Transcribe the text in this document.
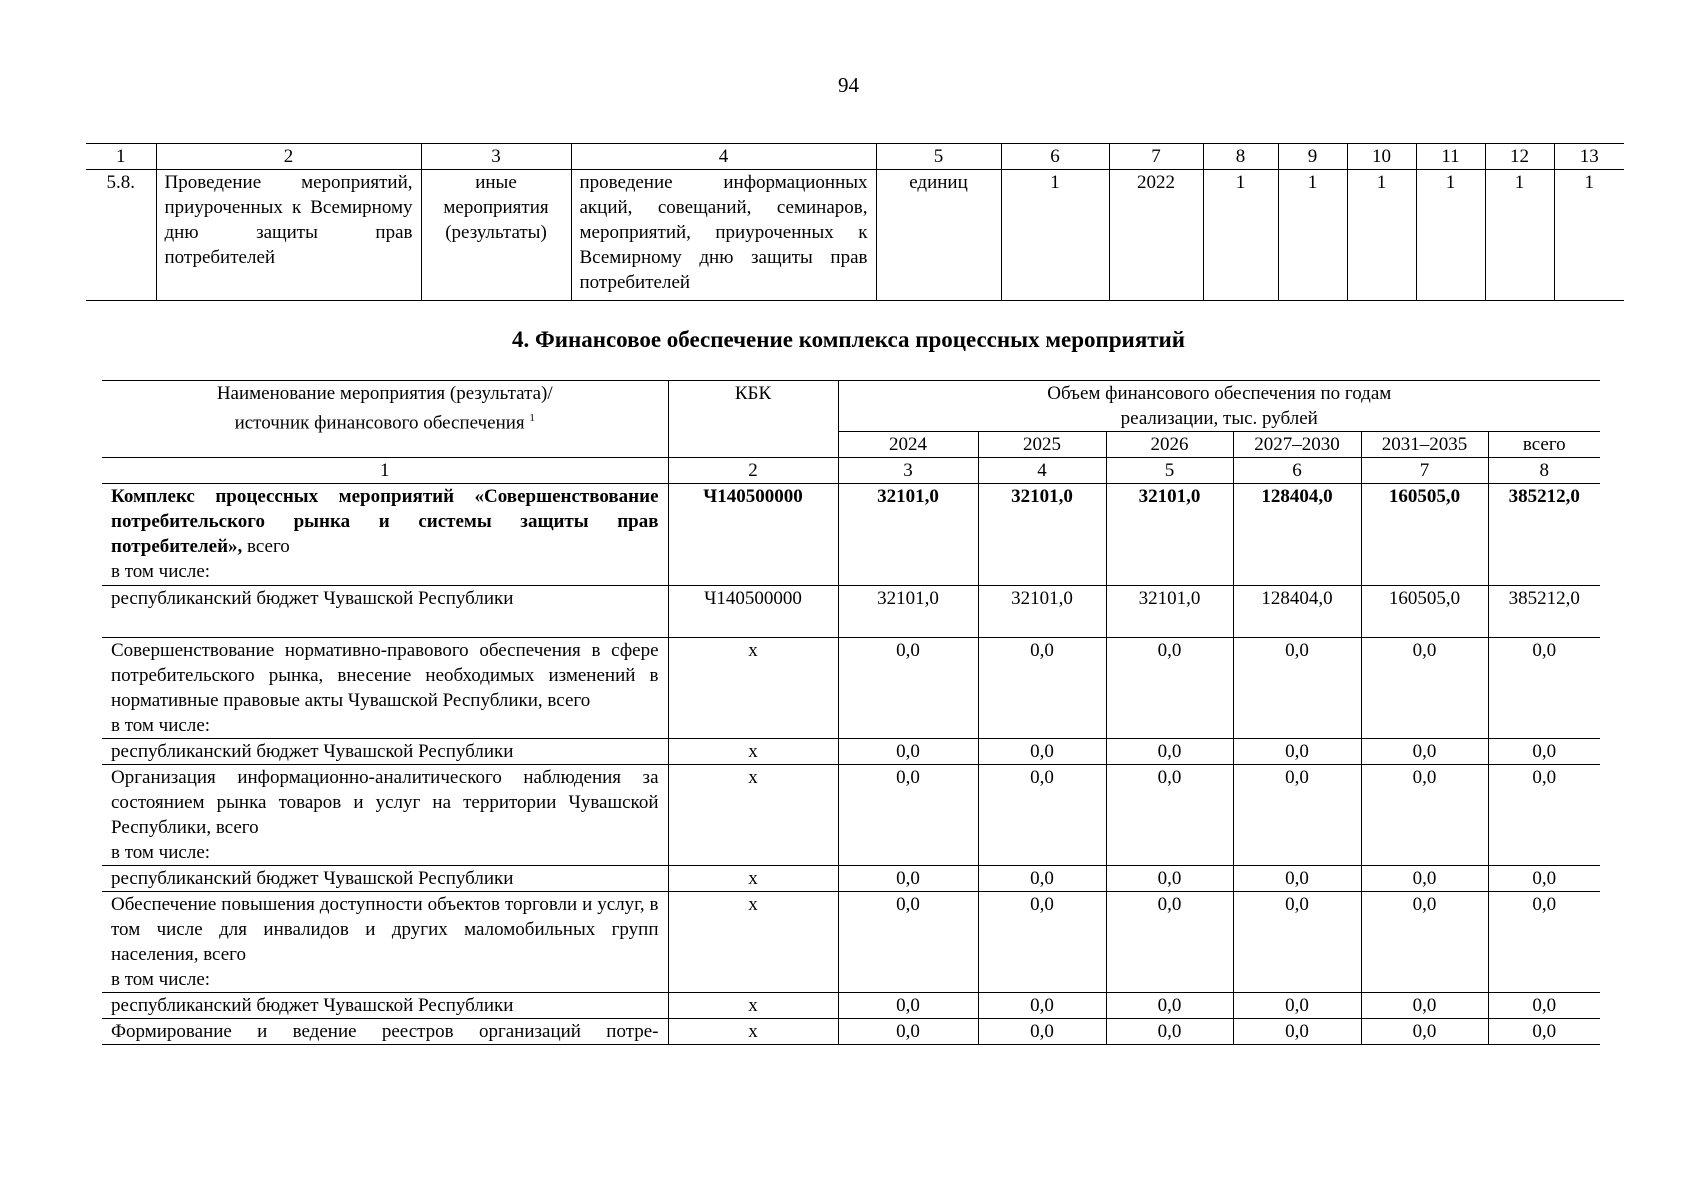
94
1	2	3	4	5	6	7	8	9	10	11	12	13
5.8.	Проведение мероприятий, приуроченных к Всемирному дню защиты прав потребителей	иные мероприятия (результаты)	проведение информационных акций, совещаний, семинаров, мероприятий, приуроченных к Всемирному дню защиты прав потребителей	единиц	1	2022	1	1	1	1	1	1
4. Финансовое обеспечение комплекса процессных мероприятий
Наименование мероприятия (результата)/
источник финансового обеспечения $^1$	КБК	Объем финансового обеспечения по годам
реализации, тыс. рублей					
		2024	2025	2026	2027–2030	2031–2035	всего
1	2	3	4	5	6	7	8
Комплекс процессных мероприятий «Совершенствование потребительского рынка и системы защиты прав потребителей», всего
в том числе:	Ч140500000	32101,0	32101,0	32101,0	128404,0	160505,0	385212,0
республиканский бюджет Чувашской Республики	Ч140500000	32101,0	32101,0	32101,0	128404,0	160505,0	385212,0
Совершенствование нормативно-правового обеспечения в сфере потребительского рынка, внесение необходимых изменений в нормативные правовые акты Чувашской Республики, всего
в том числе:	х	0,0	0,0	0,0	0,0	0,0	0,0
республиканский бюджет Чувашской Республики	х	0,0	0,0	0,0	0,0	0,0	0,0
Организация информационно-аналитического наблюдения за состоянием рынка товаров и услуг на территории Чувашской Республики, всего
в том числе:	х	0,0	0,0	0,0	0,0	0,0	0,0
республиканский бюджет Чувашской Республики	х	0,0	0,0	0,0	0,0	0,0	0,0
Обеспечение повышения доступности объектов торговли и услуг, в том числе для инвалидов и других маломобильных групп населения, всего
в том числе:	х	0,0	0,0	0,0	0,0	0,0	0,0
республиканский бюджет Чувашской Республики	х	0,0	0,0	0,0	0,0	0,0	0,0
Формирование и ведение реестров организаций потре-	х	0,0	0,0	0,0	0,0	0,0	0,0
